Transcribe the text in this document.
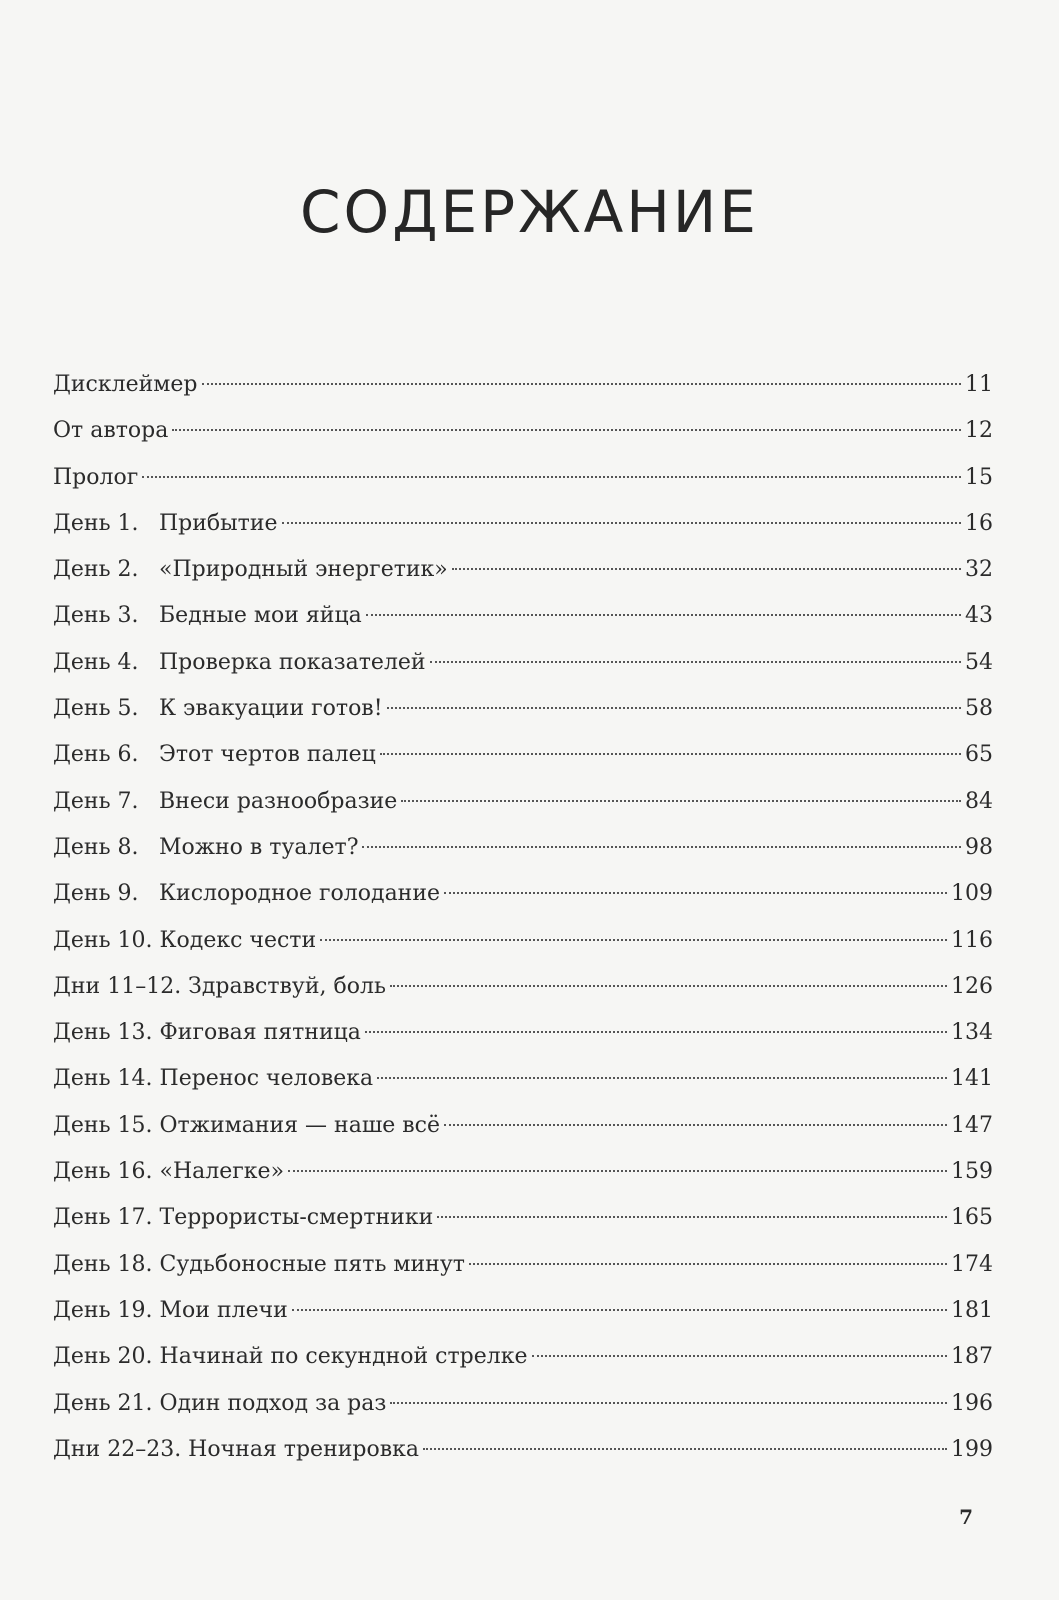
СОДЕРЖАНИЕ
Дисклеймер	11
От автора	12
Пролог	15
День 1. Прибытие	16
День 2. «Природный энергетик»	32
День 3. Бедные мои яйца	43
День 4. Проверка показателей	54
День 5. К эвакуации готов!	58
День 6. Этот чертов палец	65
День 7. Внеси разнообразие	84
День 8. Можно в туалет?	98
День 9. Кислородное голодание	109
День 10. Кодекс чести	116
Дни 11–12. Здравствуй, боль	126
День 13. Фиговая пятница	134
День 14. Перенос человека	141
День 15. Отжимания — наше всё	147
День 16. «Налегке»	159
День 17. Террористы-смертники	165
День 18. Судьбоносные пять минут	174
День 19. Мои плечи	181
День 20. Начинай по секундной стрелке	187
День 21. Один подход за раз	196
Дни 22–23. Ночная тренировка	199
7
